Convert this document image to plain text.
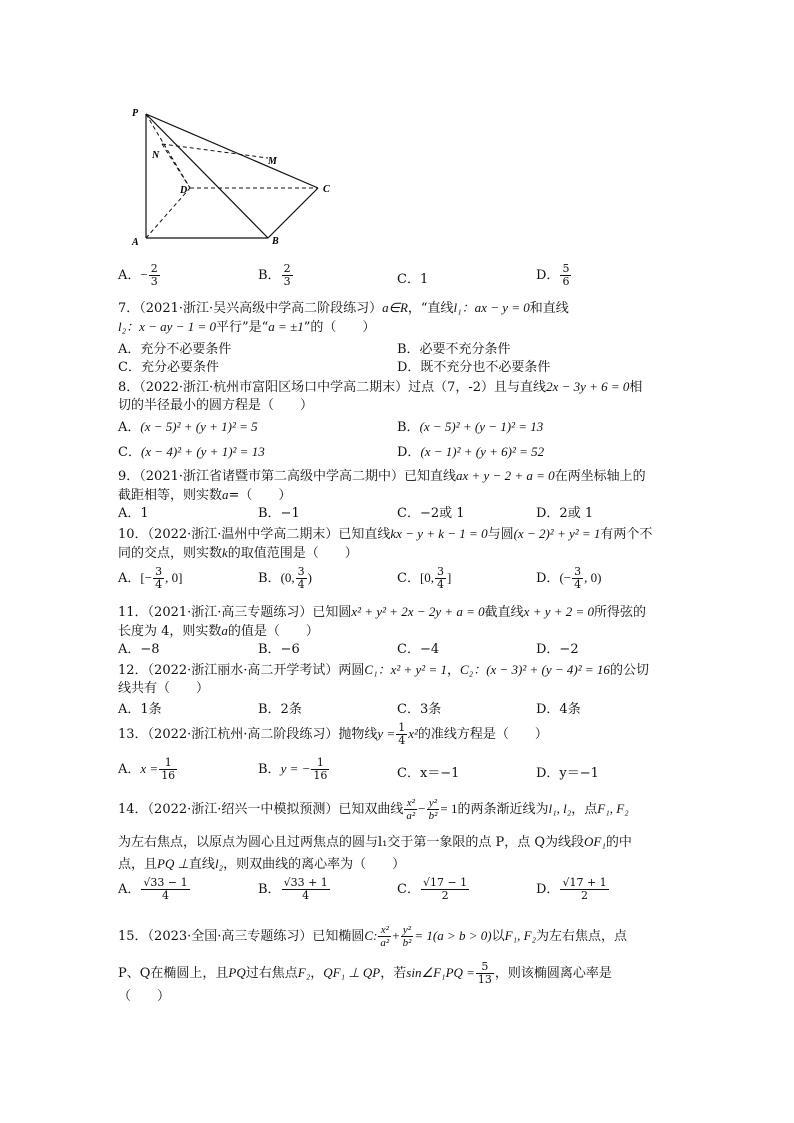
P
N
M
D	C
A	B
A．− $\frac{2}{3}$	B． $\frac{2}{3}$	C．1	D． $\frac{5}{6}$
7．（2021·浙江·吴兴高级中学高二阶段练习）a∈R，“直线l₁：ax − y = 0和直线
l₂：x − ay − 1 = 0平行”是“a = ±1”的（　　）
A．充分不必要条件	B．必要不充分条件
C．充分必要条件	D．既不充分也不必要条件
8．（2022·浙江·杭州市富阳区场口中学高二期末）过点（7，-2）且与直线2x − 3y + 6 = 0相
切的半径最小的圆方程是（　　）
A．(x − 5)² + (y + 1)² = 5	B．(x − 5)² + (y − 1)² = 13
C．(x − 4)² + (y + 1)² = 13	D．(x − 1)² + (y + 6)² = 52
9．（2021·浙江省诸暨市第二高级中学高二期中）已知直线ax + y − 2 + a = 0在两坐标轴上的
截距相等，则实数a=（　　）
A．1	B．−1	C．−2或 1	D．2或 1
10．（2022·浙江·温州中学高二期末）已知直线kx − y + k − 1 = 0与圆(x − 2)² + y² = 1有两个不
同的交点，则实数k的取值范围是（　　）
A．[− $\frac{3}{4}$ , 0]	B．(0, $\frac{3}{4}$ )	C．[0, $\frac{3}{4}$ ]	D．(− $\frac{3}{4}$ , 0)
11．（2021·浙江·高三专题练习）已知圆x² + y² + 2x − 2y + a = 0截直线x + y + 2 = 0所得弦的
长度为 4，则实数a的值是（　　）
A．−8	B．−6	C．−4	D．−2
12．（2022·浙江丽水·高二开学考试）两圆C₁：x² + y² = 1，C₂：(x − 3)² + (y − 4)² = 16的公切
线共有（　　）
A．1条	B．2条	C．3条	D．4条
13．（2022·浙江杭州·高二阶段练习）抛物线$y = \frac{1}{4} x^2$的准线方程是（　　）
A．$x = \frac{1}{16}$	B．y = − $\frac{1}{16}$	C．x＝−1	D．y＝−1
14．（2022·浙江·绍兴一中模拟预测）已知双曲线 $\frac{\text{x²}}{\text{a²}} - \frac{\text{y²}}{\text{b²}} = 1$的两条渐近线为l₁, l₂，点F₁, F₂
为左右焦点，以原点为圆心且过两焦点的圆与l₁交于第一象限的点 P，点 Q为线段OF₁的中
点，且PQ ⊥直线l₂，则双曲线的离心率为（　　）
A． $\frac{√33 - 1}{4}$	B． $\frac{√33 + 1}{4}$	C． $\frac{√17 - 1}{2}$	D． $\frac{√17 + 1}{2}$
15．（2023·全国·高三专题练习）已知椭圆C: $\frac{\text{x²}}{\text{a²}} + \frac{\text{y²}}{\text{b²}} = 1(a > b > 0)$以F₁, F₂为左右焦点，点
P、Q在椭圆上，且PQ过右焦点F₂，QF₁ ⊥ QP，若sin∠F₁PQ = $\frac{5}{13}$ ，则该椭圆离心率是
（　　）
